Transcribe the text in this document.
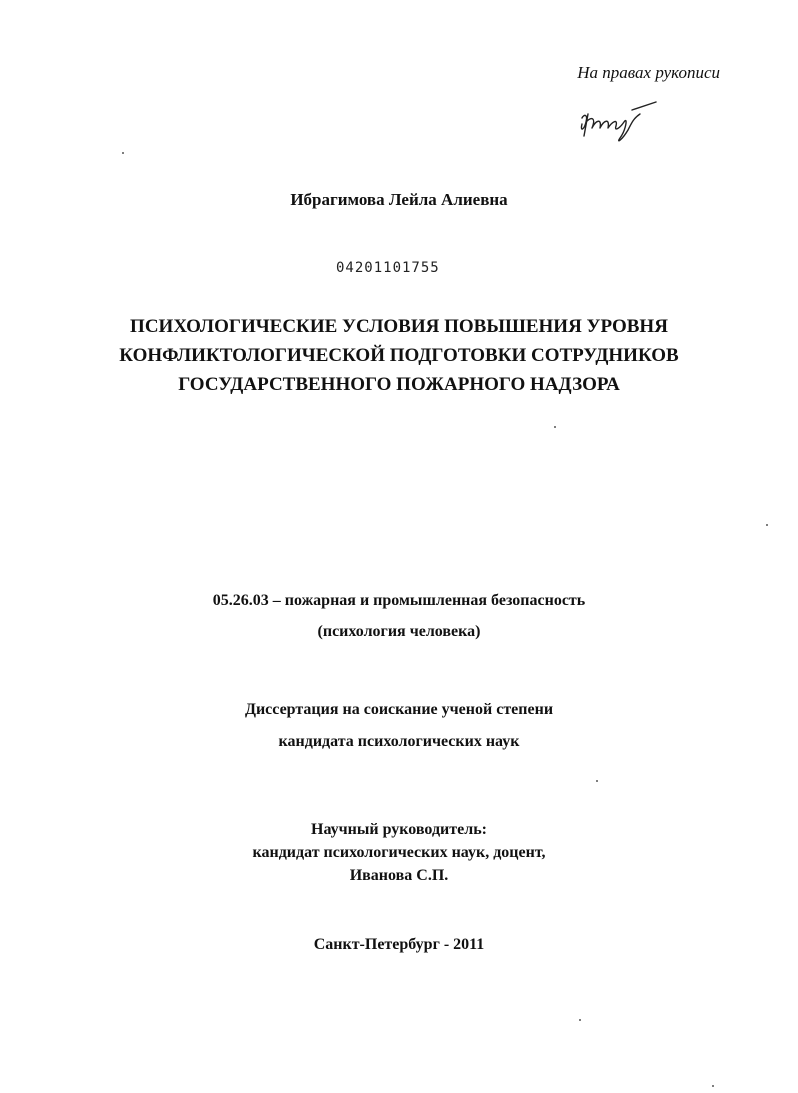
На правах рукописи
Ибрагимова Лейла Алиевна
04201101755
ПСИХОЛОГИЧЕСКИЕ УСЛОВИЯ ПОВЫШЕНИЯ УРОВНЯ
КОНФЛИКТОЛОГИЧЕСКОЙ ПОДГОТОВКИ СОТРУДНИКОВ
ГОСУДАРСТВЕННОГО ПОЖАРНОГО НАДЗОРА
05.26.03 – пожарная и промышленная безопасность
(психология человека)
Диссертация на соискание ученой степени
кандидата психологических наук
Научный руководитель:
кандидат психологических наук, доцент,
Иванова С.П.
Санкт-Петербург - 2011
